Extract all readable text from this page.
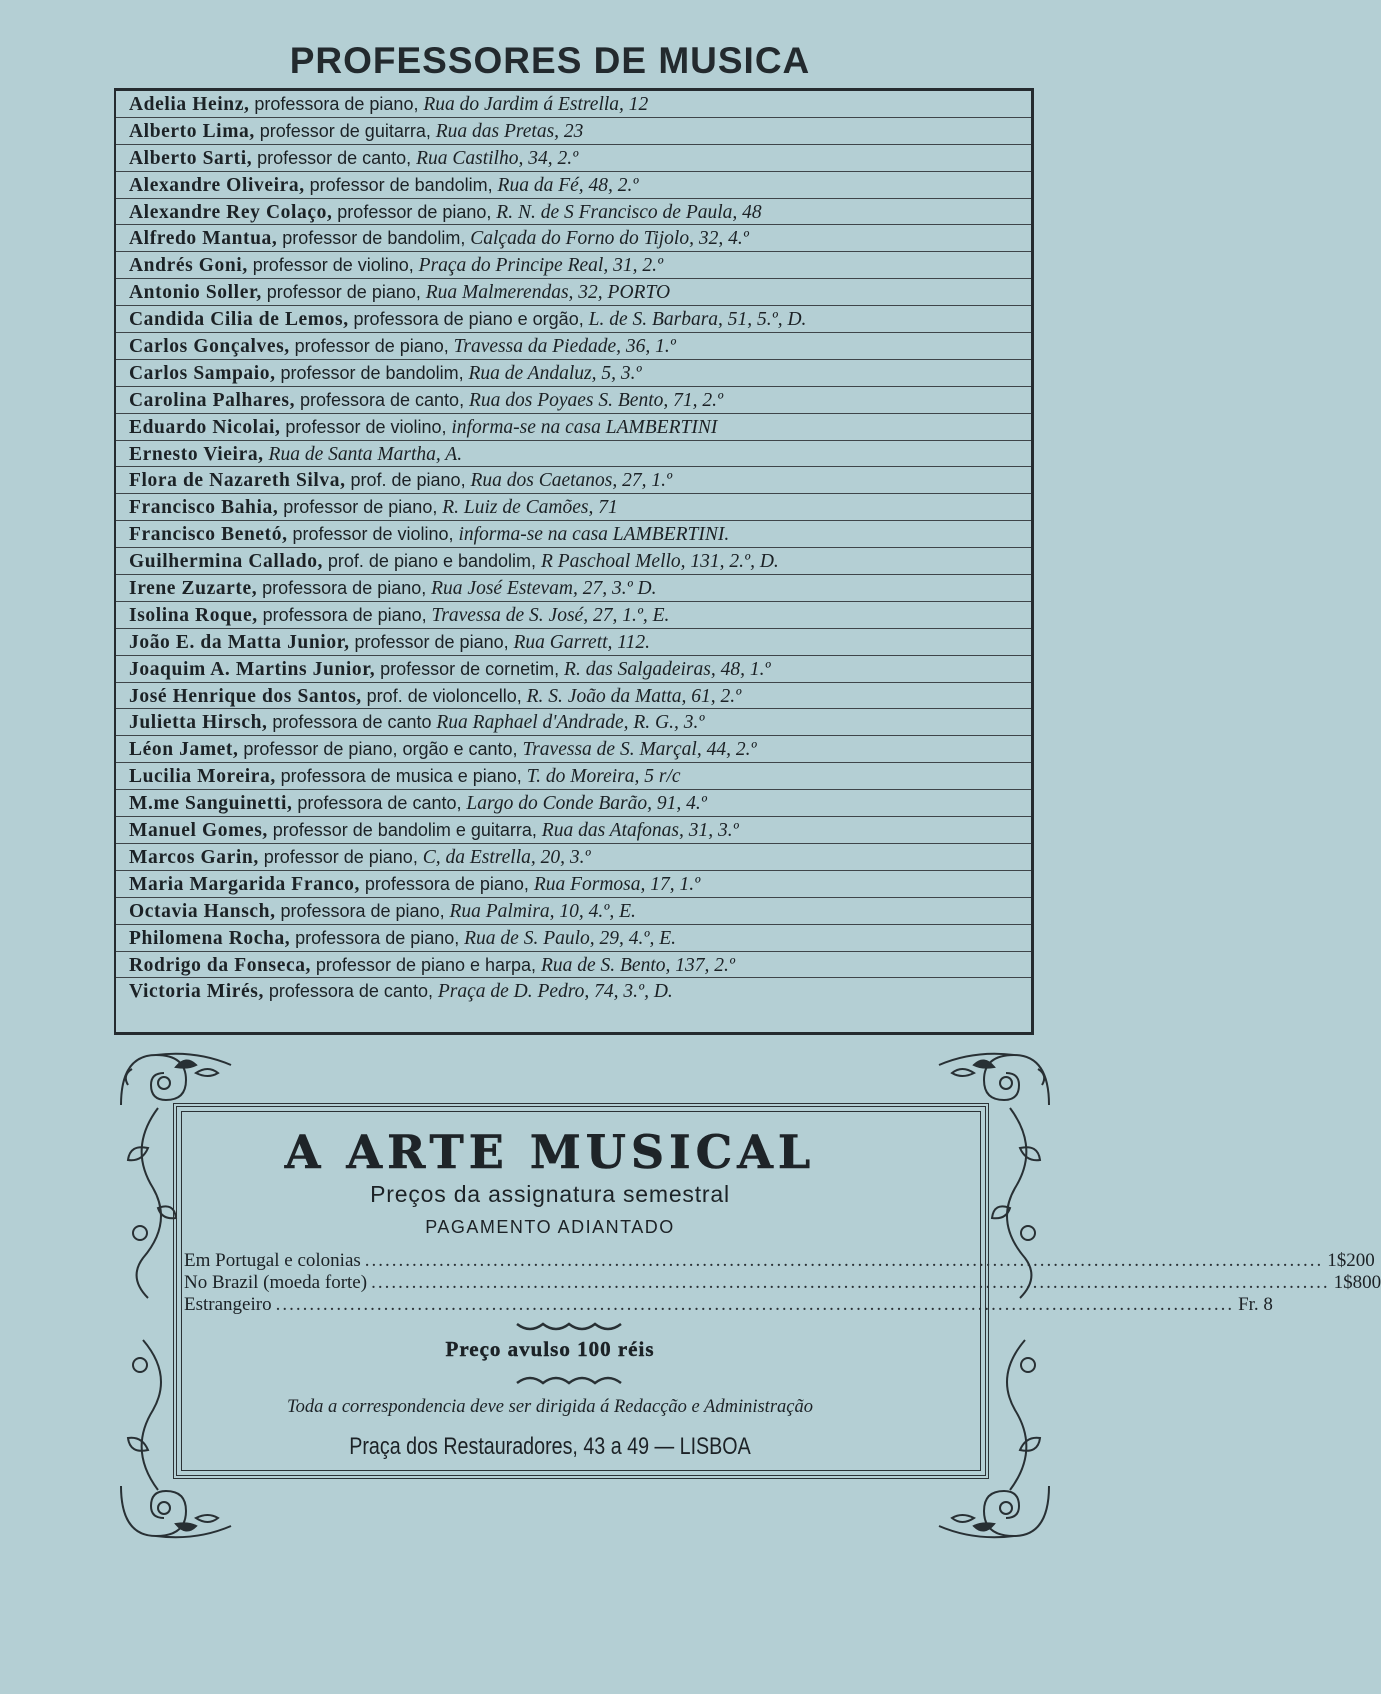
PROFESSORES DE MUSICA
Adelia Heinz, professora de piano, Rua do Jardim á Estrella, 12
Alberto Lima, professor de guitarra, Rua das Pretas, 23
Alberto Sarti, professor de canto, Rua Castilho, 34, 2.º
Alexandre Oliveira, professor de bandolim, Rua da Fé, 48, 2.º
Alexandre Rey Colaço, professor de piano, R. N. de S Francisco de Paula, 48
Alfredo Mantua, professor de bandolim, Calçada do Forno do Tijolo, 32, 4.º
Andrés Goni, professor de violino, Praça do Principe Real, 31, 2.º
Antonio Soller, professor de piano, Rua Malmerendas, 32, PORTO
Candida Cilia de Lemos, professora de piano e orgão, L. de S. Barbara, 51, 5.º, D.
Carlos Gonçalves, professor de piano, Travessa da Piedade, 36, 1.º
Carlos Sampaio, professor de bandolim, Rua de Andaluz, 5, 3.º
Carolina Palhares, professora de canto, Rua dos Poyaes S. Bento, 71, 2.º
Eduardo Nicolai, professor de violino, informa-se na casa LAMBERTINI
Ernesto Vieira, Rua de Santa Martha, A.
Flora de Nazareth Silva, prof. de piano, Rua dos Caetanos, 27, 1.º
Francisco Bahia, professor de piano, R. Luiz de Camões, 71
Francisco Benetó, professor de violino, informa-se na casa LAMBERTINI.
Guilhermina Callado, prof. de piano e bandolim, R Paschoal Mello, 131, 2.º, D.
Irene Zuzarte, professora de piano, Rua José Estevam, 27, 3.º D.
Isolina Roque, professora de piano, Travessa de S. José, 27, 1.º, E.
João E. da Matta Junior, professor de piano, Rua Garrett, 112.
Joaquim A. Martins Junior, professor de cornetim, R. das Salgadeiras, 48, 1.º
José Henrique dos Santos, prof. de violoncello, R. S. João da Matta, 61, 2.º
Julietta Hirsch, professora de canto Rua Raphael d'Andrade, R. G., 3.º
Léon Jamet, professor de piano, orgão e canto, Travessa de S. Marçal, 44, 2.º
Lucilia Moreira, professora de musica e piano, T. do Moreira, 5 r/c
M.me Sanguinetti, professora de canto, Largo do Conde Barão, 91, 4.º
Manuel Gomes, professor de bandolim e guitarra, Rua das Atafonas, 31, 3.º
Marcos Garin, professor de piano, C, da Estrella, 20, 3.º
Maria Margarida Franco, professora de piano, Rua Formosa, 17, 1.º
Octavia Hansch, professora de piano, Rua Palmira, 10, 4.º, E.
Philomena Rocha, professora de piano, Rua de S. Paulo, 29, 4.º, E.
Rodrigo da Fonseca, professor de piano e harpa, Rua de S. Bento, 137, 2.º
Victoria Mirés, professora de canto, Praça de D. Pedro, 74, 3.º, D.
A ARTE MUSICAL
Preços da assignatura semestral
PAGAMENTO ADIANTADO
Em Portugal e colonias .............................................................................................................................................. 1$200
No Brazil (moeda forte) .............................................................................................................................................. 1$800
Estrangeiro .............................................................................................................................................. Fr. 8
Preço avulso 100 réis
Toda a correspondencia deve ser dirigida á Redacção e Administração
Praça dos Restauradores, 43 a 49 — LISBOA
